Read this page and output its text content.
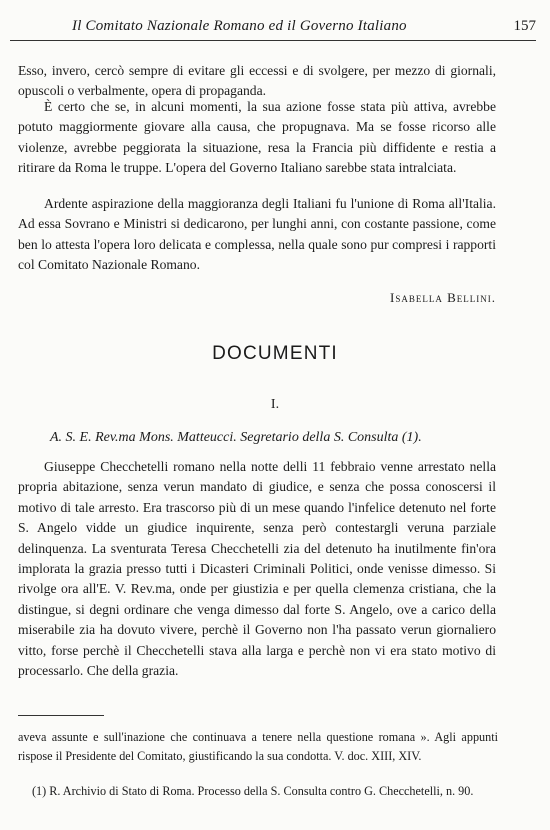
Il Comitato Nazionale Romano ed il Governo Italiano	157
Esso, invero, cercò sempre di evitare gli eccessi e di svolgere, per mezzo di giornali, opuscoli o verbalmente, opera di propaganda.
È certo che se, in alcuni momenti, la sua azione fosse stata più attiva, avrebbe potuto maggiormente giovare alla causa, che propugnava. Ma se fosse ricorso alle violenze, avrebbe peggiorata la situazione, resa la Francia più diffidente e restia a ritirare da Roma le truppe. L'opera del Governo Italiano sarebbe stata intralciata.
Ardente aspirazione della maggioranza degli Italiani fu l'unione di Roma all'Italia. Ad essa Sovrano e Ministri si dedicarono, per lunghi anni, con costante passione, come ben lo attesta l'opera loro delicata e complessa, nella quale sono pur compresi i rapporti col Comitato Nazionale Romano.
Isabella Bellini.
DOCUMENTI
I.
A. S. E. Rev.ma Mons. Matteucci. Segretario della S. Consulta (1).
Giuseppe Checchetelli romano nella notte delli 11 febbraio venne arrestato nella propria abitazione, senza verun mandato di giudice, e senza che possa conoscersi il motivo di tale arresto. Era trascorso più di un mese quando l'infelice detenuto nel forte S. Angelo vidde un giudice inquirente, senza però contestargli veruna parziale delinquenza. La sventurata Teresa Checchetelli zia del detenuto ha inutilmente fin'ora implorata la grazia presso tutti i Dicasteri Criminali Politici, onde venisse dimesso. Si rivolge ora all'E. V. Rev.ma, onde per giustizia e per quella clemenza cristiana, che la distingue, si degni ordinare che venga dimesso dal forte S. Angelo, ove a carico della miserabile zia ha dovuto vivere, perchè il Governo non l'ha passato verun giornaliero vitto, forse perchè il Checchetelli stava alla larga e perchè non vi era stato motivo di processarlo. Che della grazia.
aveva assunte e sull'inazione che continuava a tenere nella questione romana ». Agli appunti rispose il Presidente del Comitato, giustificando la sua condotta. V. doc. XIII, XIV.
(1) R. Archivio di Stato di Roma. Processo della S. Consulta contro G. Checchetelli, n. 90.
